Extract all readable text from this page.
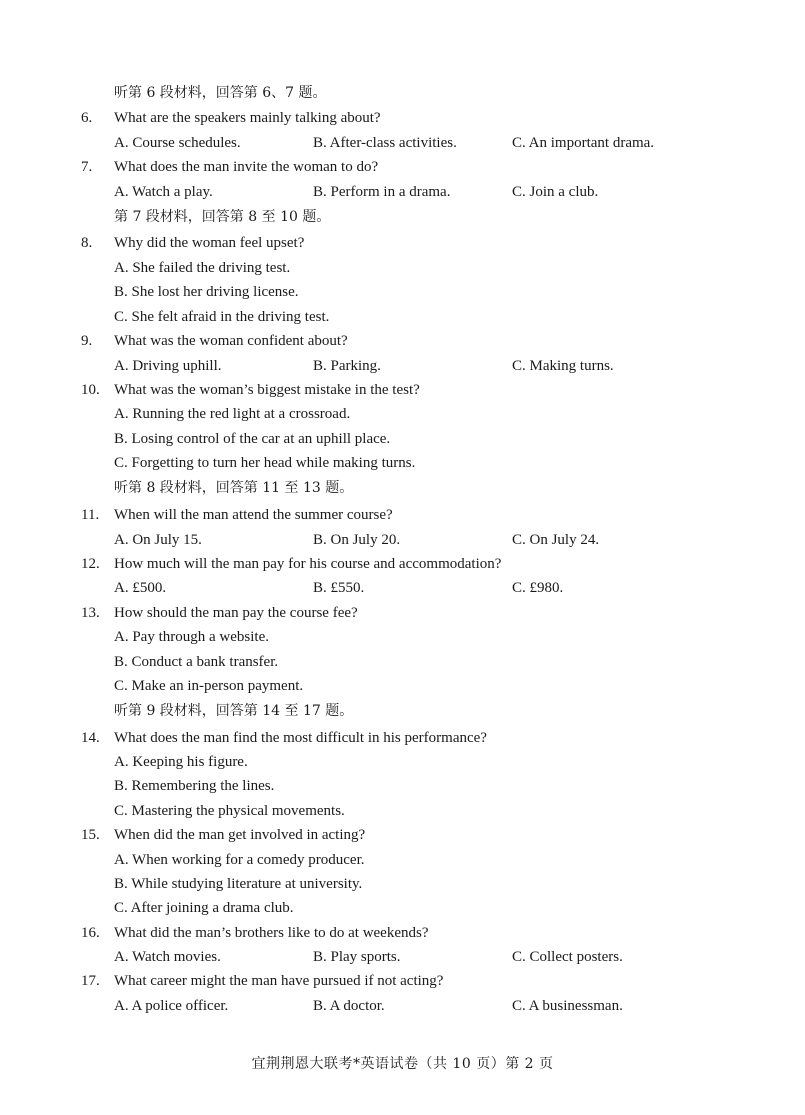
听第 6 段材料，回答第 6、7 题。
6. What are the speakers mainly talking about?
A. Course schedules.	B. After-class activities.	C. An important drama.
7. What does the man invite the woman to do?
A. Watch a play.	B. Perform in a drama.	C. Join a club.
第 7 段材料，回答第 8 至 10 题。
8. Why did the woman feel upset?
A. She failed the driving test.
B. She lost her driving license.
C. She felt afraid in the driving test.
9. What was the woman confident about?
A. Driving uphill.	B. Parking.	C. Making turns.
10. What was the woman’s biggest mistake in the test?
A. Running the red light at a crossroad.
B. Losing control of the car at an uphill place.
C. Forgetting to turn her head while making turns.
听第 8 段材料，回答第 11 至 13 题。
11. When will the man attend the summer course?
A. On July 15.	B. On July 20.	C. On July 24.
12. How much will the man pay for his course and accommodation?
A. £500.	B. £550.	C. £980.
13. How should the man pay the course fee?
A. Pay through a website.
B. Conduct a bank transfer.
C. Make an in-person payment.
听第 9 段材料，回答第 14 至 17 题。
14. What does the man find the most difficult in his performance?
A. Keeping his figure.
B. Remembering the lines.
C. Mastering the physical movements.
15. When did the man get involved in acting?
A. When working for a comedy producer.
B. While studying literature at university.
C. After joining a drama club.
16. What did the man’s brothers like to do at weekends?
A. Watch movies.	B. Play sports.	C. Collect posters.
17. What career might the man have pursued if not acting?
A. A police officer.	B. A doctor.	C. A businessman.
宜荆荆恩大联考*英语试卷（共 10 页）第 2 页
